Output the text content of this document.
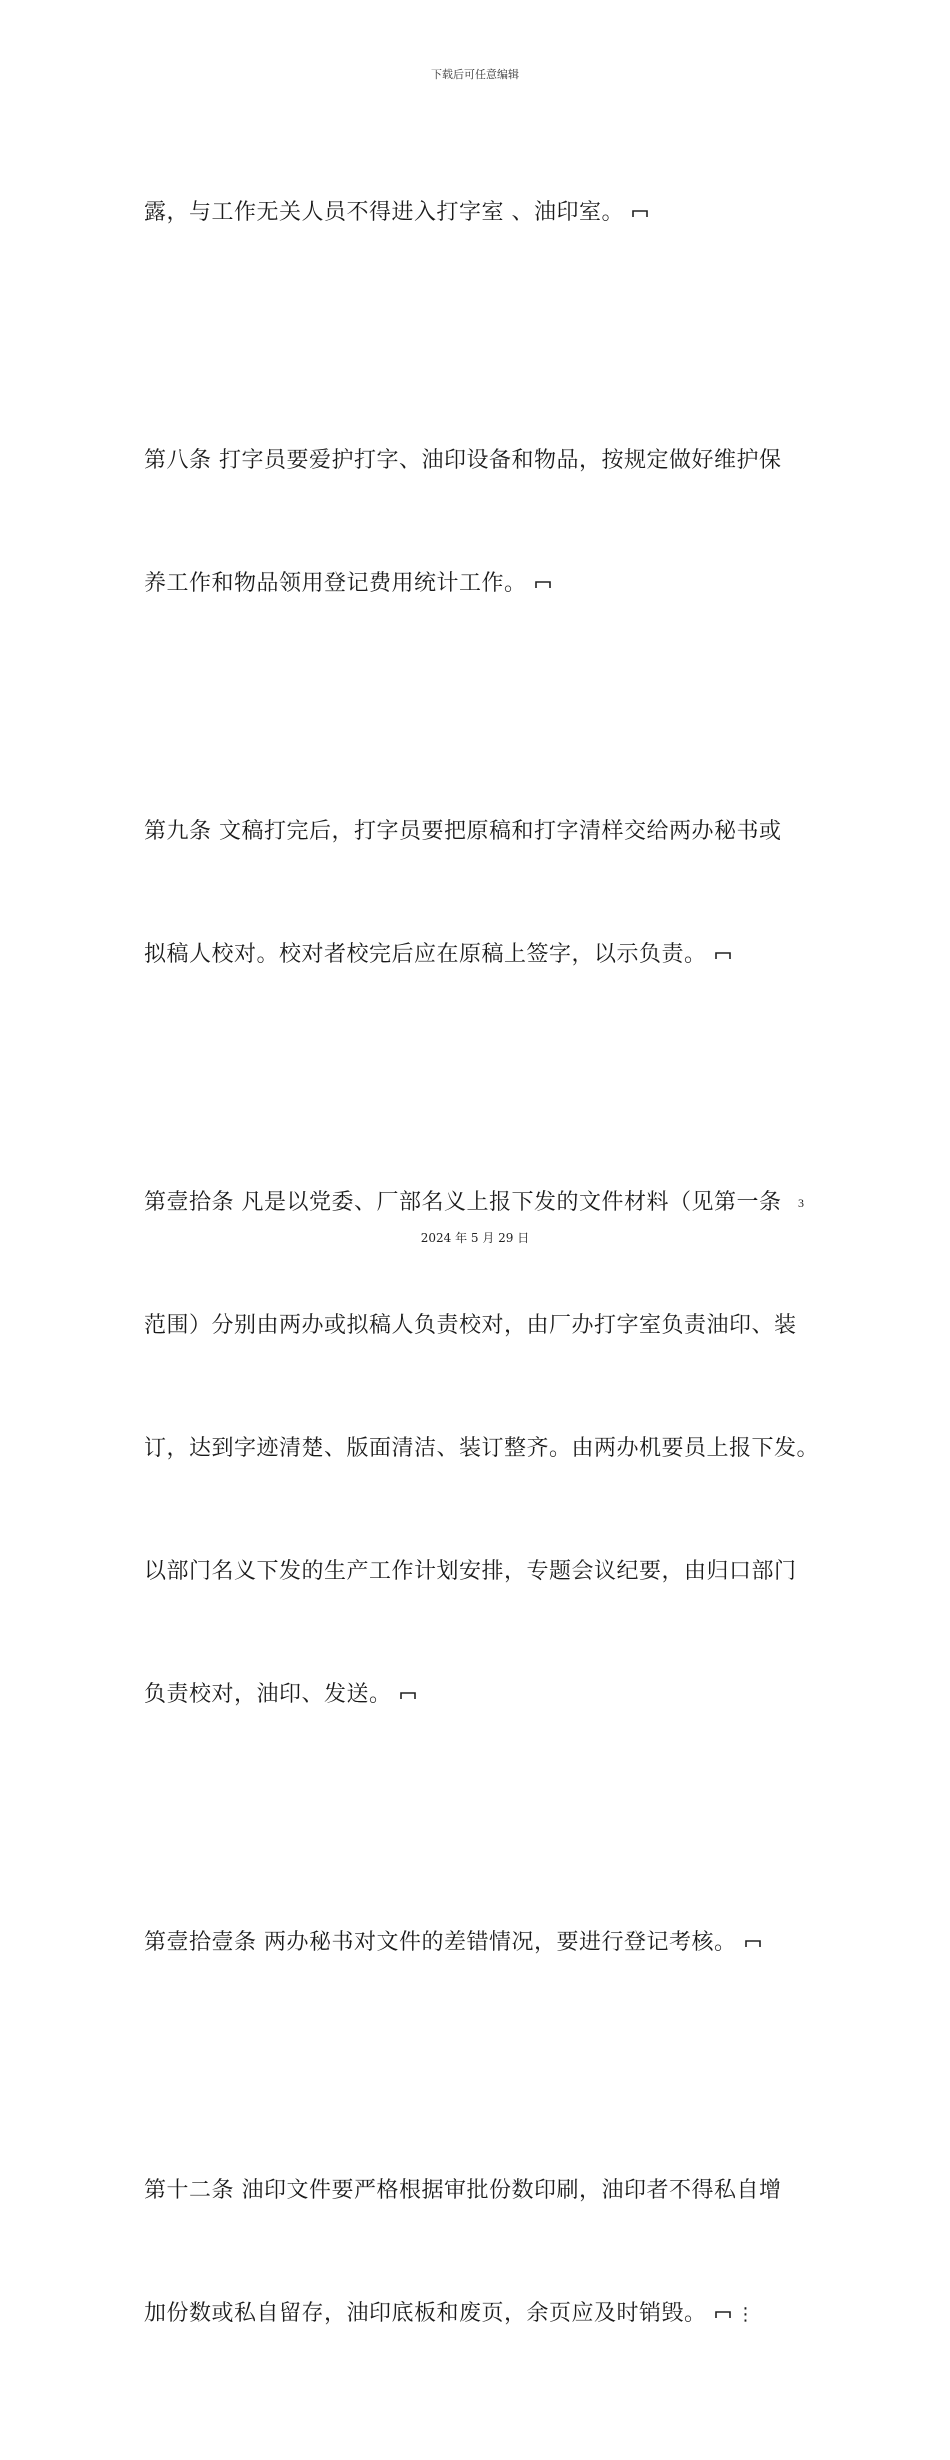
下载后可任意编辑

露，与工作无关人员不得进入打字室 、油印室。

第八条 打字员要爱护打字、油印设备和物品，按规定做好维护保

养工作和物品领用登记费用统计工作。

第九条 文稿打完后，打字员要把原稿和打字清样交给两办秘书或

拟稿人校对。校对者校完后应在原稿上签字，以示负责。

第壹拾条 凡是以党委、厂部名义上报下发的文件材料（见第一条

范围）分别由两办或拟稿人负责校对，由厂办打字室负责油印、装

订，达到字迹清楚、版面清洁、装订整齐。由两办机要员上报下发。

以部门名义下发的生产工作计划安排，专题会议纪要，由归口部门

负责校对，油印、发送。

第壹拾壹条 两办秘书对文件的差错情况，要进行登记考核。

第十二条 油印文件要严格根据审批份数印刷，油印者不得私自增

加份数或私自留存，油印底板和废页，余页应及时销毁。 ⋮

3
2024 年 5 月 29 日
